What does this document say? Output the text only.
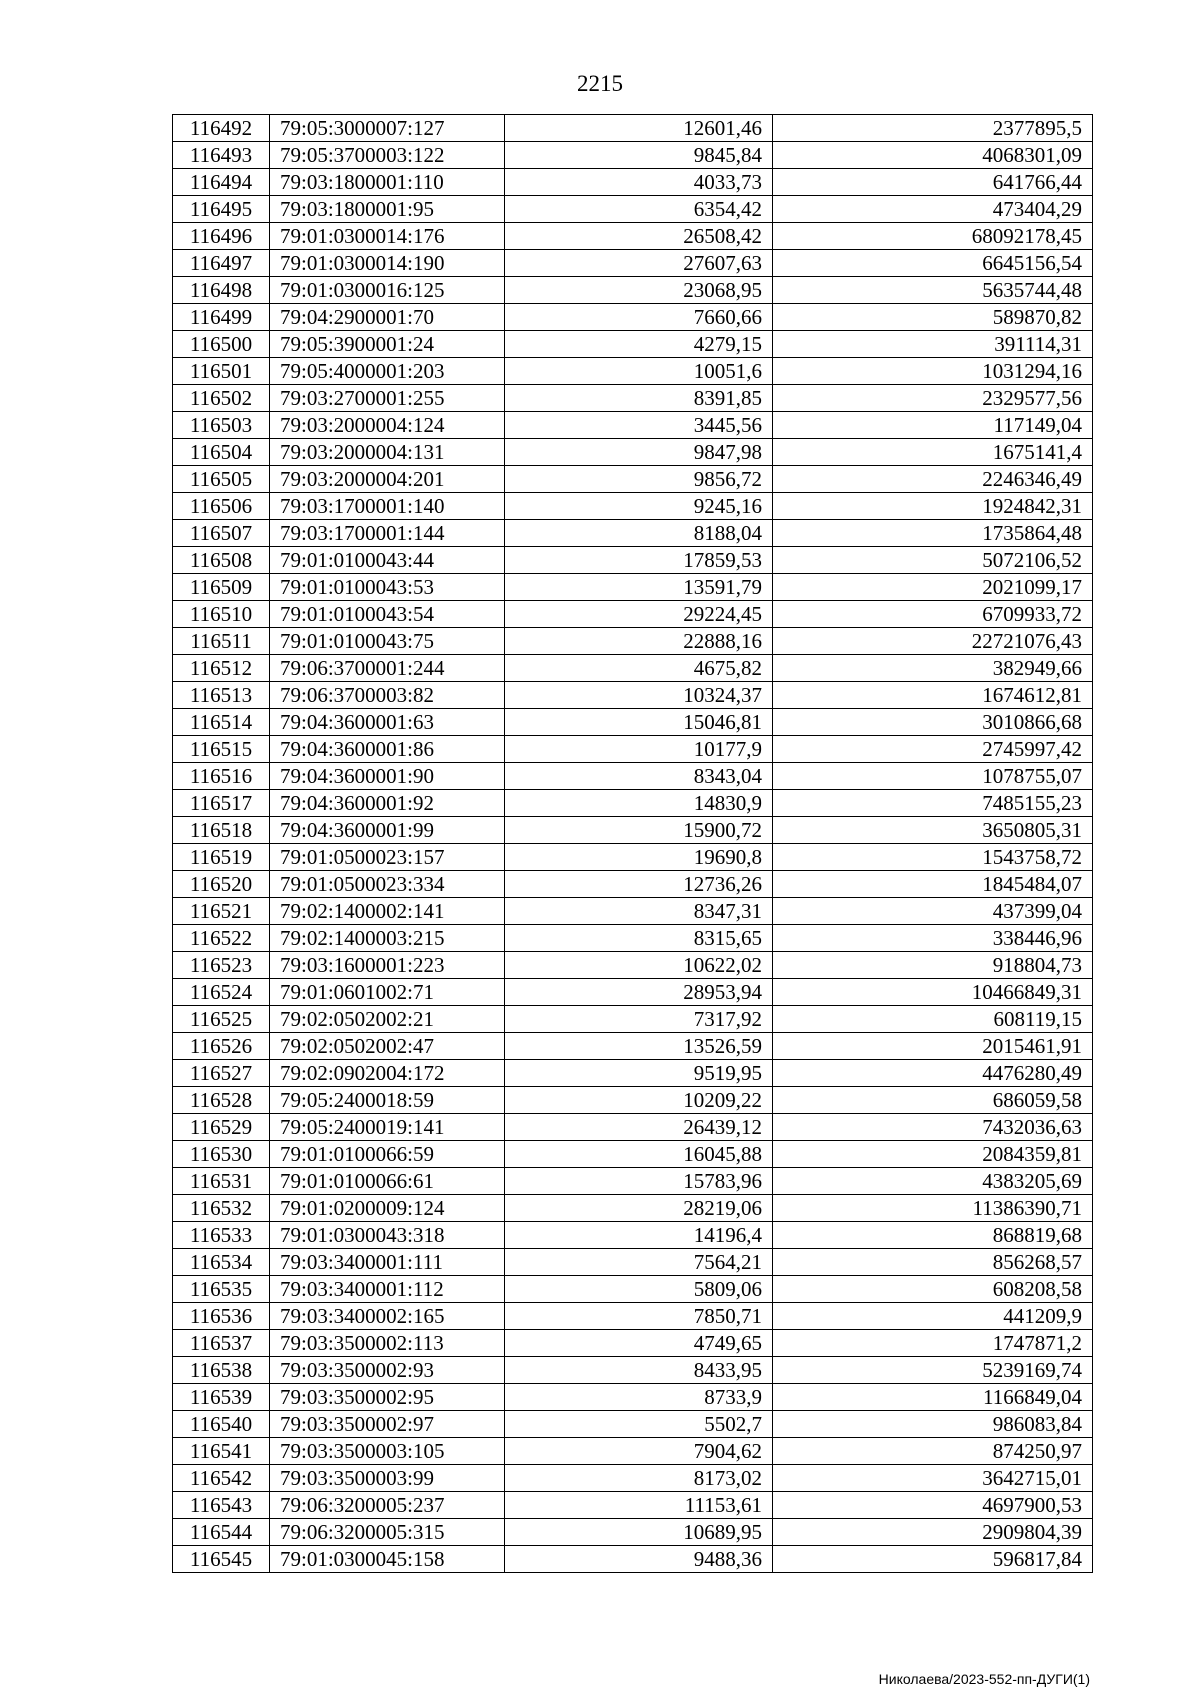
2215
116492	79:05:3000007:127	12601,46	2377895,5
116493	79:05:3700003:122	9845,84	4068301,09
116494	79:03:1800001:110	4033,73	641766,44
116495	79:03:1800001:95	6354,42	473404,29
116496	79:01:0300014:176	26508,42	68092178,45
116497	79:01:0300014:190	27607,63	6645156,54
116498	79:01:0300016:125	23068,95	5635744,48
116499	79:04:2900001:70	7660,66	589870,82
116500	79:05:3900001:24	4279,15	391114,31
116501	79:05:4000001:203	10051,6	1031294,16
116502	79:03:2700001:255	8391,85	2329577,56
116503	79:03:2000004:124	3445,56	117149,04
116504	79:03:2000004:131	9847,98	1675141,4
116505	79:03:2000004:201	9856,72	2246346,49
116506	79:03:1700001:140	9245,16	1924842,31
116507	79:03:1700001:144	8188,04	1735864,48
116508	79:01:0100043:44	17859,53	5072106,52
116509	79:01:0100043:53	13591,79	2021099,17
116510	79:01:0100043:54	29224,45	6709933,72
116511	79:01:0100043:75	22888,16	22721076,43
116512	79:06:3700001:244	4675,82	382949,66
116513	79:06:3700003:82	10324,37	1674612,81
116514	79:04:3600001:63	15046,81	3010866,68
116515	79:04:3600001:86	10177,9	2745997,42
116516	79:04:3600001:90	8343,04	1078755,07
116517	79:04:3600001:92	14830,9	7485155,23
116518	79:04:3600001:99	15900,72	3650805,31
116519	79:01:0500023:157	19690,8	1543758,72
116520	79:01:0500023:334	12736,26	1845484,07
116521	79:02:1400002:141	8347,31	437399,04
116522	79:02:1400003:215	8315,65	338446,96
116523	79:03:1600001:223	10622,02	918804,73
116524	79:01:0601002:71	28953,94	10466849,31
116525	79:02:0502002:21	7317,92	608119,15
116526	79:02:0502002:47	13526,59	2015461,91
116527	79:02:0902004:172	9519,95	4476280,49
116528	79:05:2400018:59	10209,22	686059,58
116529	79:05:2400019:141	26439,12	7432036,63
116530	79:01:0100066:59	16045,88	2084359,81
116531	79:01:0100066:61	15783,96	4383205,69
116532	79:01:0200009:124	28219,06	11386390,71
116533	79:01:0300043:318	14196,4	868819,68
116534	79:03:3400001:111	7564,21	856268,57
116535	79:03:3400001:112	5809,06	608208,58
116536	79:03:3400002:165	7850,71	441209,9
116537	79:03:3500002:113	4749,65	1747871,2
116538	79:03:3500002:93	8433,95	5239169,74
116539	79:03:3500002:95	8733,9	1166849,04
116540	79:03:3500002:97	5502,7	986083,84
116541	79:03:3500003:105	7904,62	874250,97
116542	79:03:3500003:99	8173,02	3642715,01
116543	79:06:3200005:237	11153,61	4697900,53
116544	79:06:3200005:315	10689,95	2909804,39
116545	79:01:0300045:158	9488,36	596817,84
Николаева/2023-552-пп-ДУГИ(1)
